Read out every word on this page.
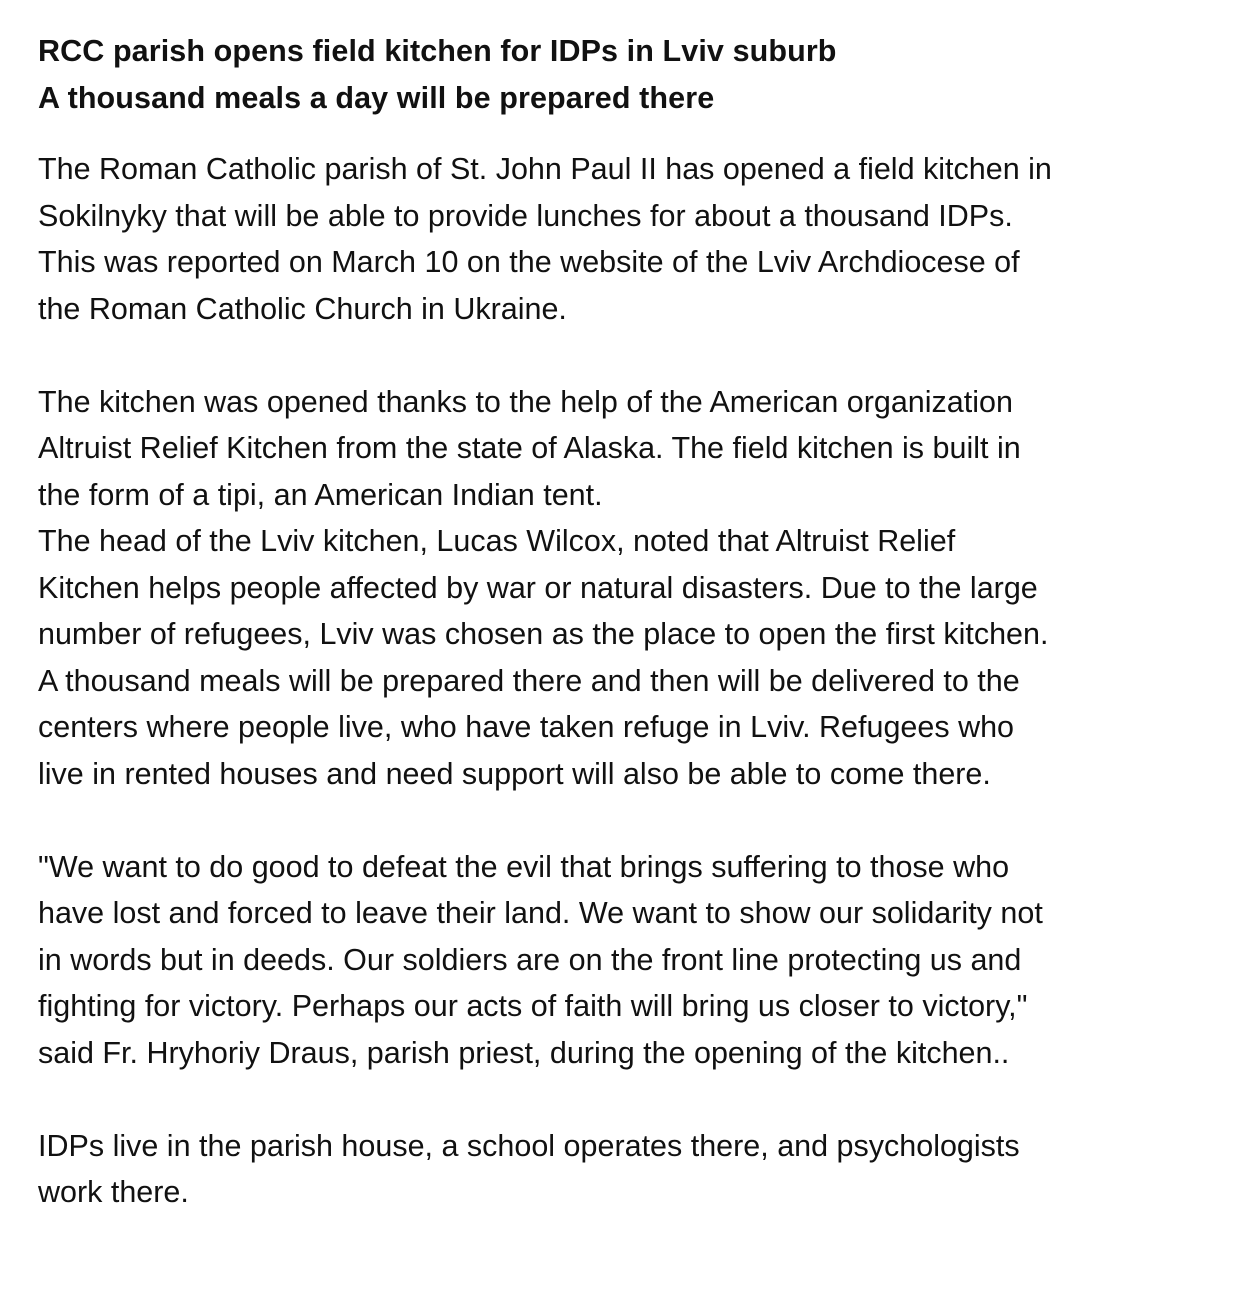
RCC parish opens field kitchen for IDPs in Lviv suburb
A thousand meals a day will be prepared there

The Roman Catholic parish of St. John Paul II has opened a field kitchen in
Sokilnyky that will be able to provide lunches for about a thousand IDPs.
This was reported on March 10 on the website of the Lviv Archdiocese of
the Roman Catholic Church in Ukraine.

The kitchen was opened thanks to the help of the American organization
Altruist Relief Kitchen from the state of Alaska. The field kitchen is built in
the form of a tipi, an American Indian tent.

The head of the Lviv kitchen, Lucas Wilcox, noted that Altruist Relief
Kitchen helps people affected by war or natural disasters. Due to the large
number of refugees, Lviv was chosen as the place to open the first kitchen.
A thousand meals will be prepared there and then will be delivered to the
centers where people live, who have taken refuge in Lviv. Refugees who
live in rented houses and need support will also be able to come there.

"We want to do good to defeat the evil that brings suffering to those who
have lost and forced to leave their land. We want to show our solidarity not
in words but in deeds. Our soldiers are on the front line protecting us and
fighting for victory. Perhaps our acts of faith will bring us closer to victory,"
said Fr. Hryhoriy Draus, parish priest, during the opening of the kitchen..

IDPs live in the parish house, a school operates there, and psychologists
work there.
